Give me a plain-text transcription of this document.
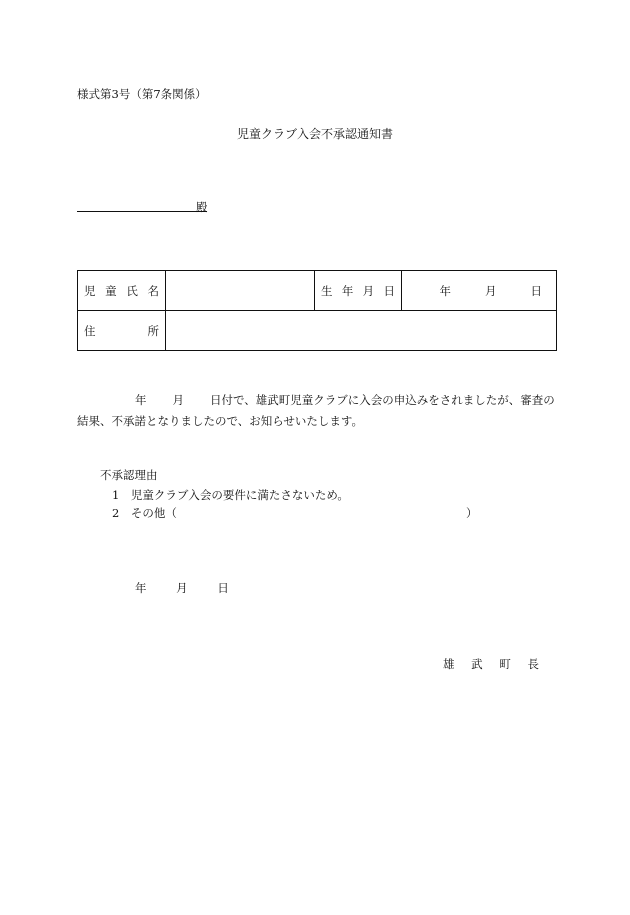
様式第3号（第7条関係）
児童クラブ入会不承認通知書
殿
児 童 氏 名		生 年 月 日	年 月 日

住 所			

年 月 日付で、雄武町児童クラブに入会の申込みをされましたが、審査の結果、不承諾となりましたので、お知らせいたします。
不承認理由
1　児童クラブ入会の要件に満たさないため。
2　その他（	）
年	月	日
雄 武 町 長
